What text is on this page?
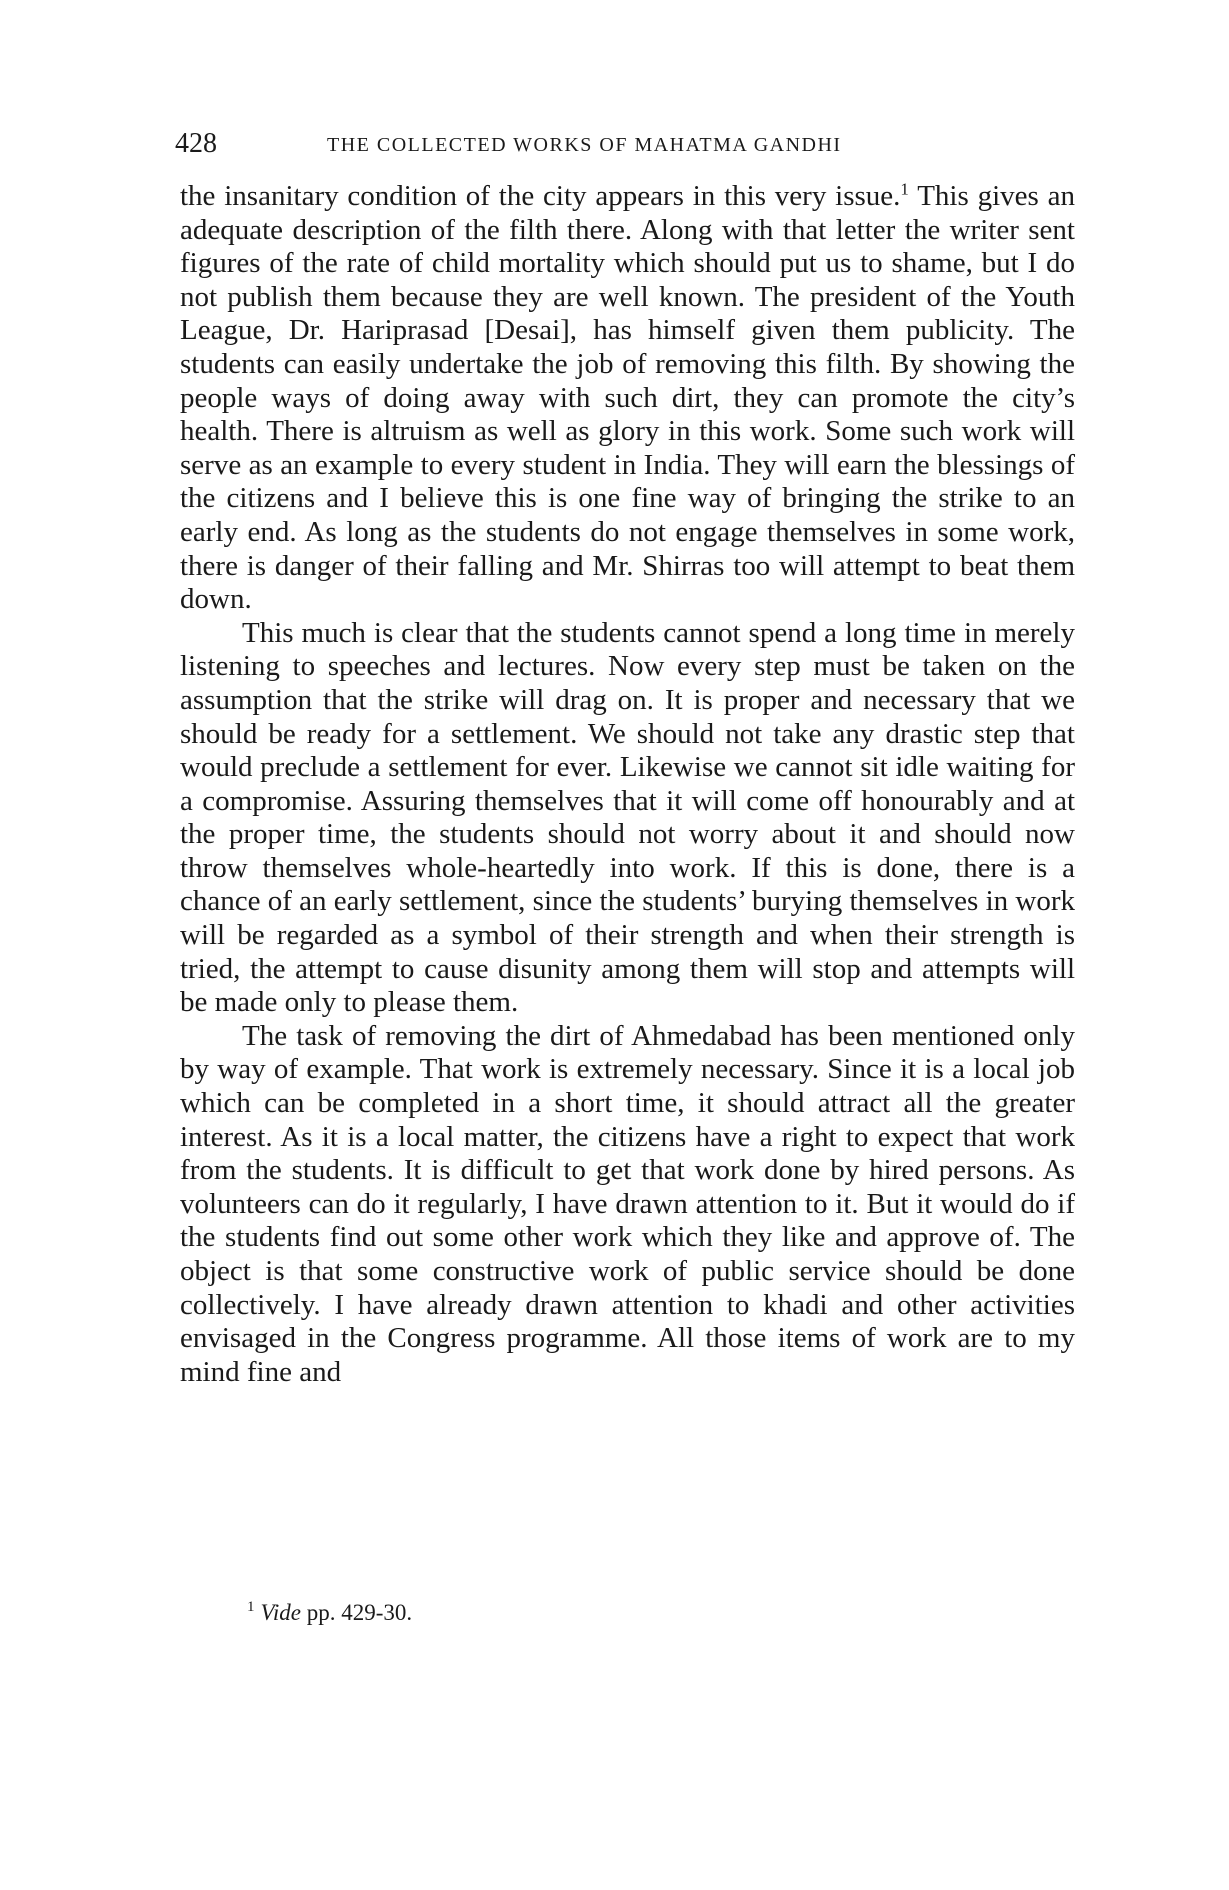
CWMG XXXVIII
428	THE COLLECTED WORKS OF MAHATMA GANDHI

the insanitary condition of the city appears in this very issue.$^1$ This gives an adequate description of the filth there. Along with that letter the writer sent figures of the rate of child mortality which should put us to shame, but I do not publish them because they are well known. The president of the Youth League, Dr. Hariprasad [Desai], has himself given them publicity. The students can easily undertake the job of removing this filth. By showing the people ways of doing away with such dirt, they can promote the city’s health. There is altruism as well as glory in this work. Some such work will serve as an example to every student in India. They will earn the blessings of the citizens and I believe this is one fine way of bringing the strike to an early end. As long as the students do not engage themselves in some work, there is danger of their falling and Mr. Shirras too will attempt to beat them down.

This much is clear that the students cannot spend a long time in merely listening to speeches and lectures. Now every step must be taken on the assumption that the strike will drag on. It is proper and necessary that we should be ready for a settlement. We should not take any drastic step that would preclude a settlement for ever. Likewise we cannot sit idle waiting for a compromise. Assuring themselves that it will come off honourably and at the proper time, the students should not worry about it and should now throw themselves whole-heartedly into work. If this is done, there is a chance of an early settlement, since the students’ burying themselves in work will be regarded as a symbol of their strength and when their strength is tried, the attempt to cause disunity among them will stop and attempts will be made only to please them.

The task of removing the dirt of Ahmedabad has been mentioned only by way of example. That work is extremely necessary. Since it is a local job which can be completed in a short time, it should attract all the greater interest. As it is a local matter, the citizens have a right to expect that work from the students. It is difficult to get that work done by hired persons. As volunteers can do it regularly, I have drawn attention to it. But it would do if the students find out some other work which they like and approve of. The object is that some constructive work of public service should be done collectively. I have already drawn attention to khadi and other activities envisaged in the Congress programme. All those items of work are to my mind fine and

$^1$ Vide pp. 429-30.
